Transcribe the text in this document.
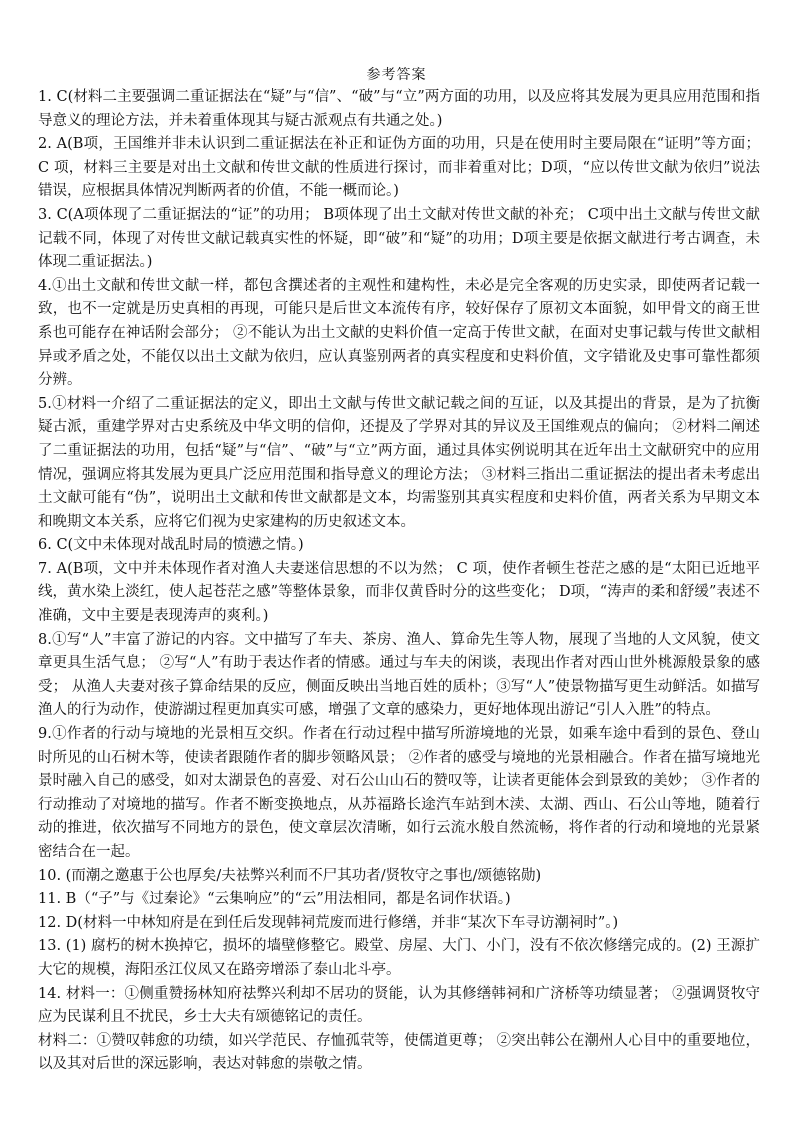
参考答案

1. C(材料二主要强调二重证据法在“疑”与“信”、“破”与“立”两方面的功用，以及应将其发展为更具应用范围和指导意义的理论方法，并未着重体现其与疑古派观点有共通之处。)

2. A(B项，王国维并非未认识到二重证据法在补正和证伪方面的功用，只是在使用时主要局限在“证明”等方面； C 项，材料三主要是对出土文献和传世文献的性质进行探讨，而非着重对比；D项，“应以传世文献为依归”说法错误，应根据具体情况判断两者的价值，不能一概而论。)

3. C(A项体现了二重证据法的“证”的功用； B项体现了出土文献对传世文献的补充； C项中出土文献与传世文献记载不同，体现了对传世文献记载真实性的怀疑，即“破”和“疑”的功用；D项主要是依据文献进行考古调查，未体现二重证据法。)

4.①出土文献和传世文献一样，都包含撰述者的主观性和建构性，未必是完全客观的历史实录，即使两者记载一致，也不一定就是历史真相的再现，可能只是后世文本流传有序，较好保存了原初文本面貌，如甲骨文的商王世系也可能存在神话附会部分； ②不能认为出土文献的史料价值一定高于传世文献，在面对史事记载与传世文献相异或矛盾之处，不能仅以出土文献为依归，应认真鉴别两者的真实程度和史料价值，文字错讹及史事可靠性都须分辨。

5.①材料一介绍了二重证据法的定义，即出土文献与传世文献记载之间的互证，以及其提出的背景，是为了抗衡疑古派，重建学界对古史系统及中华文明的信仰，还提及了学界对其的异议及王国维观点的偏向； ②材料二阐述了二重证据法的功用，包括“疑”与“信”、“破”与“立”两方面，通过具体实例说明其在近年出土文献研究中的应用情况，强调应将其发展为更具广泛应用范围和指导意义的理论方法； ③材料三指出二重证据法的提出者未考虑出土文献可能有“伪”，说明出土文献和传世文献都是文本，均需鉴别其真实程度和史料价值，两者关系为早期文本和晚期文本关系，应将它们视为史家建构的历史叙述文本。

6. C(文中未体现对战乱时局的愤懑之情。)

7. A(B项，文中并未体现作者对渔人夫妻迷信思想的不以为然； C 项，使作者顿生苍茫之感的是“太阳已近地平线，黄水染上淡红，使人起苍茫之感”等整体景象，而非仅黄昏时分的这些变化； D项，“涛声的柔和舒缓”表述不准确，文中主要是表现涛声的爽利。)

8.①写“人”丰富了游记的内容。文中描写了车夫、茶房、渔人、算命先生等人物，展现了当地的人文风貌，使文章更具生活气息； ②写“人”有助于表达作者的情感。通过与车夫的闲谈，表现出作者对西山世外桃源般景象的感受； 从渔人夫妻对孩子算命结果的反应，侧面反映出当地百姓的质朴；③写“人”使景物描写更生动鲜活。如描写渔人的行为动作，使游湖过程更加真实可感，增强了文章的感染力，更好地体现出游记“引人入胜”的特点。

9.①作者的行动与境地的光景相互交织。作者在行动过程中描写所游境地的光景，如乘车途中看到的景色、登山时所见的山石树木等，使读者跟随作者的脚步领略风景； ②作者的感受与境地的光景相融合。作者在描写境地光景时融入自己的感受，如对太湖景色的喜爱、对石公山山石的赞叹等，让读者更能体会到景致的美妙； ③作者的行动推动了对境地的描写。作者不断变换地点，从苏福路长途汽车站到木渎、太湖、西山、石公山等地，随着行动的推进，依次描写不同地方的景色，使文章层次清晰，如行云流水般自然流畅，将作者的行动和境地的光景紧密结合在一起。

10. (而潮之邀惠于公也厚矣/夫袪弊兴利而不尸其功者/贤牧守之事也/颂德铭勋)

11. B（“子”与《过秦论》“云集响应”的“云”用法相同，都是名词作状语。)

12. D(材料一中林知府是在到任后发现韩祠荒废而进行修缮，并非“某次下车寻访潮祠时”。)

13. (1) 腐朽的树木换掉它，损坏的墙壁修整它。殿堂、房屋、大门、小门，没有不依次修缮完成的。(2) 王源扩大它的规模，海阳丞江仪凤又在路旁增添了泰山北斗亭。

14. 材料一：①侧重赞扬林知府祛弊兴利却不居功的贤能，认为其修缮韩祠和广济桥等功绩显著； ②强调贤牧守应为民谋利且不扰民，乡士大夫有颂德铭记的责任。

材料二：①赞叹韩愈的功绩，如兴学范民、存恤孤茕等，使儒道更尊； ②突出韩公在潮州人心目中的重要地位，以及其对后世的深远影响，表达对韩愈的崇敬之情。
